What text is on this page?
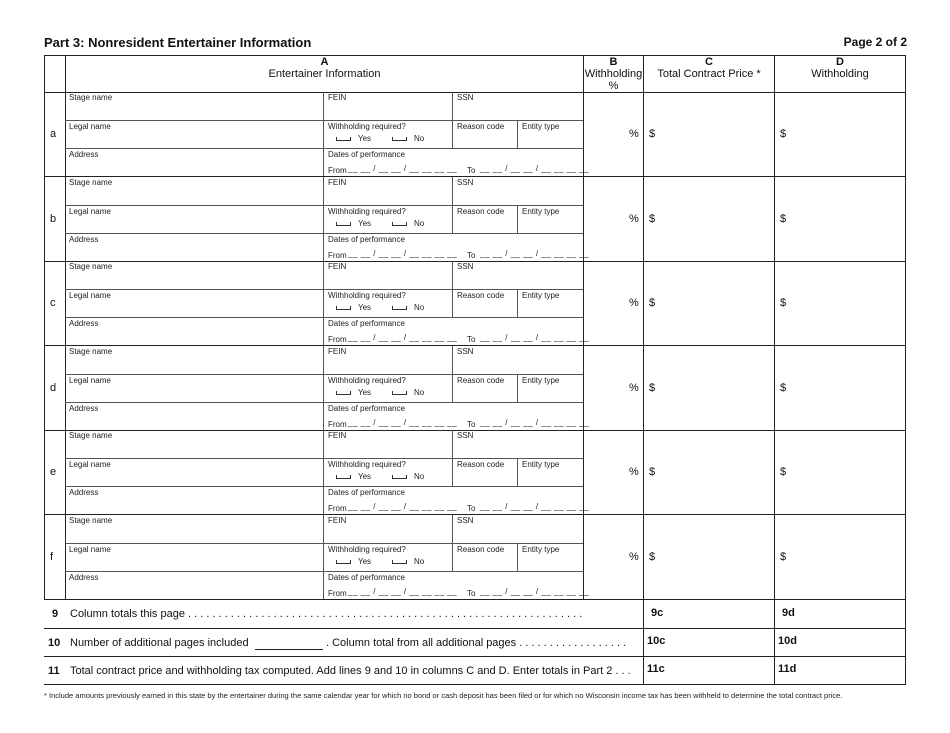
Part 3: Nonresident Entertainer Information	Page 2 of 2
A
Entertainer Information
B
Withholding
%
C
Total Contract Price *
D
Withholding
a
Stage name	FEIN	SSN
Legal name	Withholding required?
Yes	No
Reason code Entity type
Address	Dates of performance
From __ __ / __ __ / __ __ __ __ To __ __ / __ __ / __ __ __ __
% $	$
b
Stage name	FEIN	SSN
Legal name	Withholding required?
Yes	No
Reason code Entity type
Address	Dates of performance
From __ __ / __ __ / __ __ __ __ To __ __ / __ __ / __ __ __ __
% $	$
c
Stage name	FEIN	SSN
Legal name	Withholding required?
Yes	No
Reason code Entity type
Address	Dates of performance
From __ __ / __ __ / __ __ __ __ To __ __ / __ __ / __ __ __ __
% $	$
d
Stage name	FEIN	SSN
Legal name	Withholding required?
Yes	No
Reason code Entity type
Address	Dates of performance
From __ __ / __ __ / __ __ __ __ To __ __ / __ __ / __ __ __ __
% $	$
e
Stage name	FEIN	SSN
Legal name	Withholding required?
Yes	No
Reason code Entity type
Address	Dates of performance
From __ __ / __ __ / __ __ __ __ To __ __ / __ __ / __ __ __ __
% $	$
f
Stage name	FEIN	SSN
Legal name	Withholding required?
Yes	No
Reason code Entity type
Address	Dates of performance
From __ __ / __ __ / __ __ __ __ To __ __ / __ __ / __ __ __ __
% $	$
9 Column totals this page . . . . . . . . . . . . . . . . . . . . . . . . . . . . . . . . . . . . . . . . . . . . . . . . . . . . . . . . . . . . . . . . .	9c	9d
10 Number of additional pages included	. Column total from all additional pages . . . . . . . . . . . . . . . . . . 10c	10d
11 Total contract price and withholding tax computed. Add lines 9 and 10 in columns C and D. Enter totals in Part 2 . . . 11c	11d
* Include amounts previously earned in this state by the entertainer during the same calendar year for which no bond or cash deposit has been filed or for which no Wisconsin income tax has been withheld to determine the total contract price.
